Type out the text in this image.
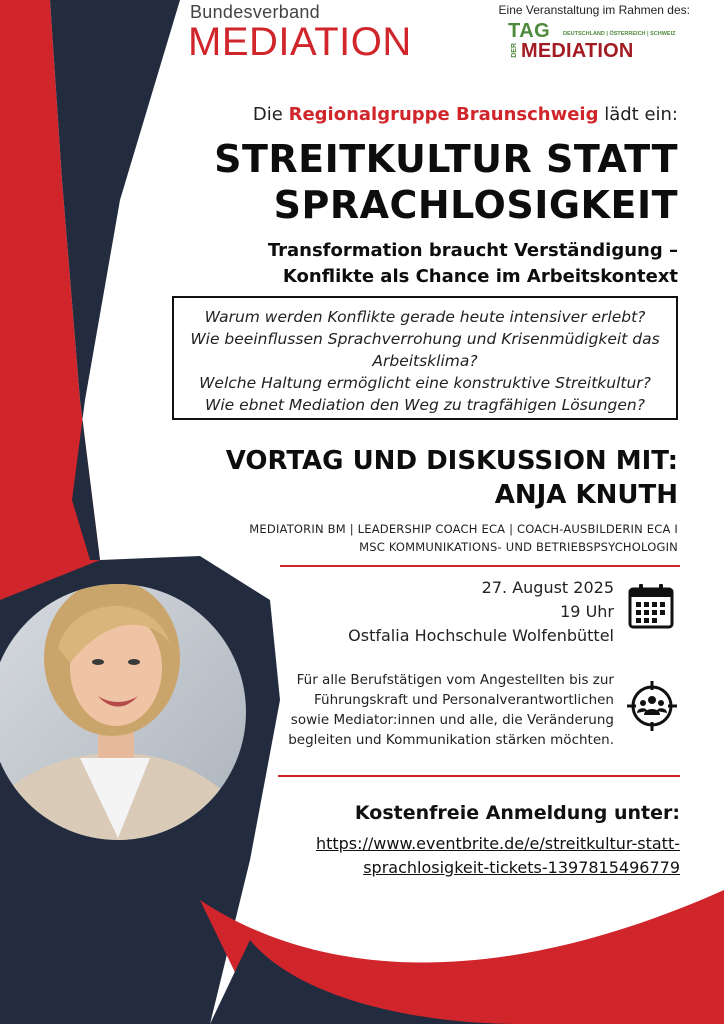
Bundesverband
MEDIATION
Eine Veranstaltung im Rahmen des:
TAG
DER
DEUTSCHLAND | ÖSTERREICH | SCHWEIZ
MEDIATION
Die Regionalgruppe Braunschweig lädt ein:
STREITKULTUR STATT
SPRACHLOSIGKEIT
Transformation braucht Verständigung –
Konflikte als Chance im Arbeitskontext
Warum werden Konflikte gerade heute intensiver erlebt?
Wie beeinflussen Sprachverrohung und Krisenmüdigkeit das
Arbeitsklima?
Welche Haltung ermöglicht eine konstruktive Streitkultur?
Wie ebnet Mediation den Weg zu tragfähigen Lösungen?
VORTAG UND DISKUSSION MIT:
ANJA KNUTH
MEDIATORIN BM | LEADERSHIP COACH ECA | COACH-AUSBILDERIN ECA I
MSC KOMMUNIKATIONS- UND BETRIEBSPSYCHOLOGIN
27. August 2025
19 Uhr
Ostfalia Hochschule Wolfenbüttel
Für alle Berufstätigen vom Angestellten bis zur
Führungskraft und Personalverantwortlichen
sowie Mediator:innen und alle, die Veränderung
begleiten und Kommunikation stärken möchten.
Kostenfreie Anmeldung unter:
https://www.eventbrite.de/e/streitkultur-statt-
sprachlosigkeit-tickets-1397815496779
